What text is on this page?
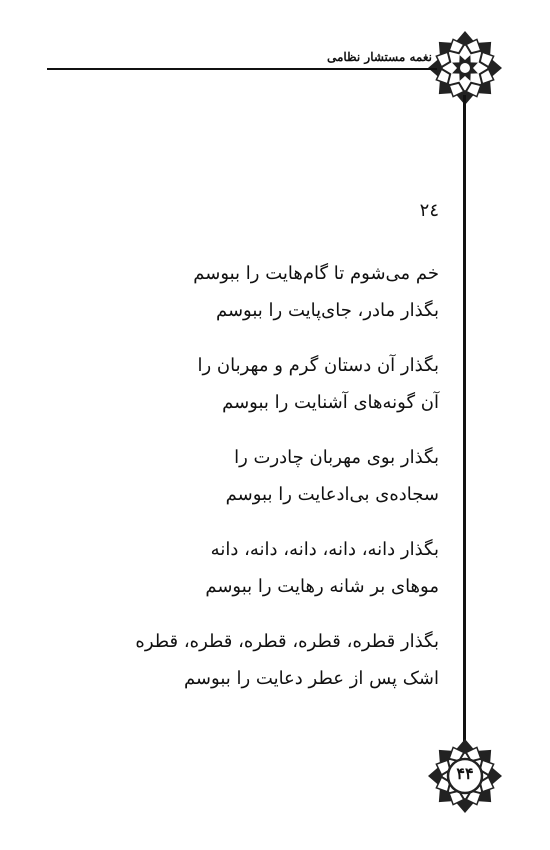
نغمه مستشار نظامی
٢٤
خم می‌شوم تا گام‌هایت را ببوسم
بگذار مادر، جای‌پایت را ببوسم
بگذار آن دستان گرم و مهربان را
آن گونه‌های آشنایت را ببوسم
بگذار بوی مهربان چادرت را
سجاده‌ی بی‌ادعایت را ببوسم
بگذار دانه، دانه، دانه، دانه، دانه
موهای بر شانه رهایت را ببوسم
بگذار قطره، قطره، قطره، قطره، قطره
اشک پس از عطر دعایت را ببوسم
۴۴
